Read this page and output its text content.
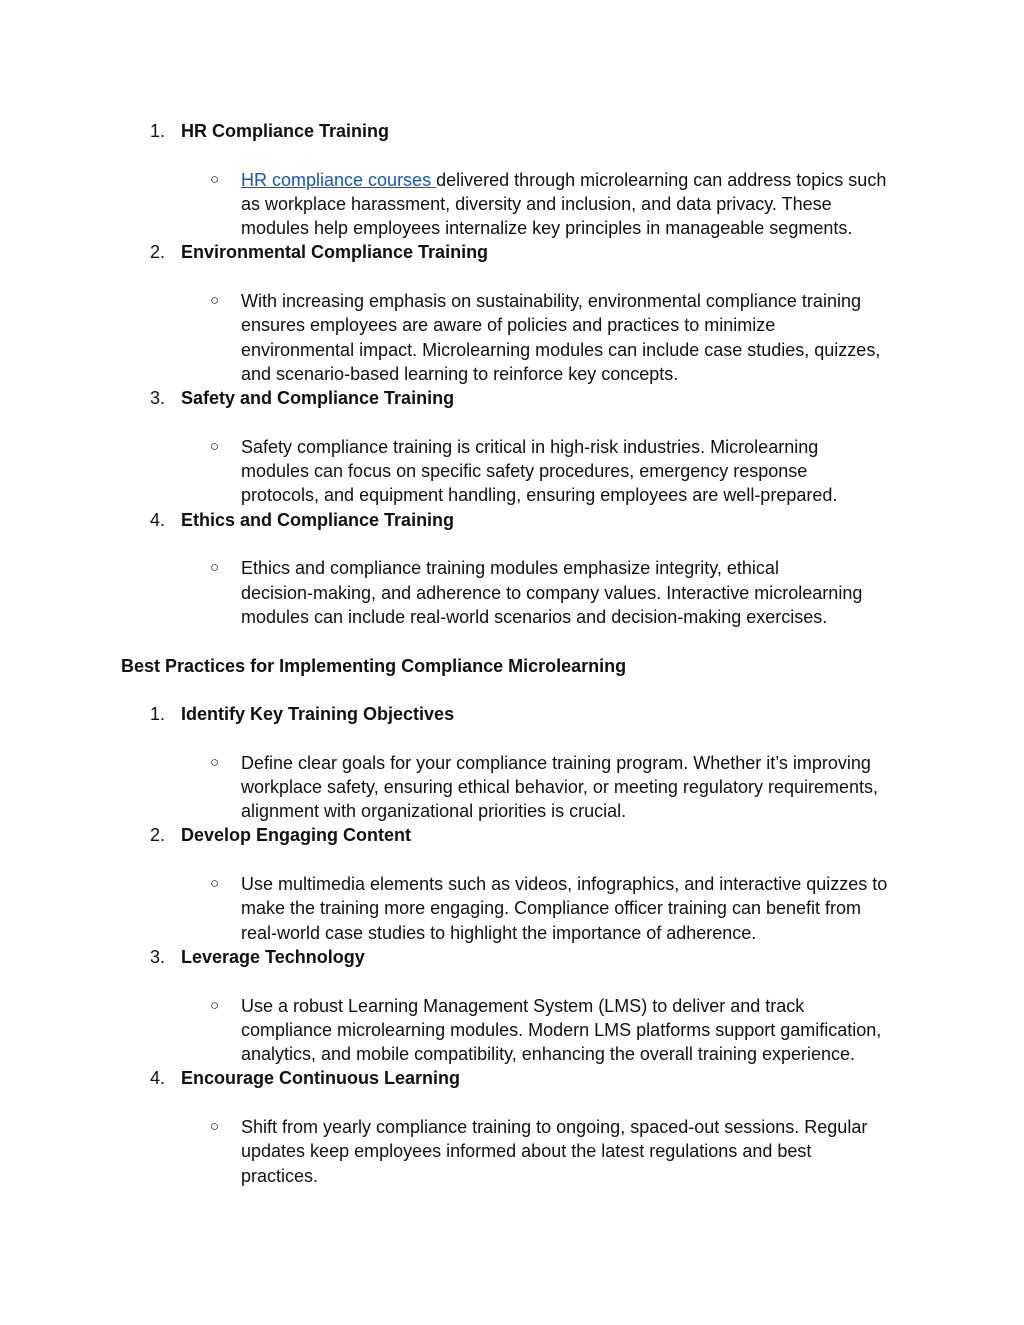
1. HR Compliance Training
○ HR compliance courses delivered through microlearning can address topics such
as workplace harassment, diversity and inclusion, and data privacy. These
modules help employees internalize key principles in manageable segments.
2. Environmental Compliance Training
○ With increasing emphasis on sustainability, environmental compliance training
ensures employees are aware of policies and practices to minimize
environmental impact. Microlearning modules can include case studies, quizzes,
and scenario-based learning to reinforce key concepts.
3. Safety and Compliance Training
○ Safety compliance training is critical in high-risk industries. Microlearning
modules can focus on specific safety procedures, emergency response
protocols, and equipment handling, ensuring employees are well-prepared.
4. Ethics and Compliance Training
○ Ethics and compliance training modules emphasize integrity, ethical
decision-making, and adherence to company values. Interactive microlearning
modules can include real-world scenarios and decision-making exercises.
Best Practices for Implementing Compliance Microlearning
1. Identify Key Training Objectives
○ Define clear goals for your compliance training program. Whether it’s improving
workplace safety, ensuring ethical behavior, or meeting regulatory requirements,
alignment with organizational priorities is crucial.
2. Develop Engaging Content
○ Use multimedia elements such as videos, infographics, and interactive quizzes to
make the training more engaging. Compliance officer training can benefit from
real-world case studies to highlight the importance of adherence.
3. Leverage Technology
○ Use a robust Learning Management System (LMS) to deliver and track
compliance microlearning modules. Modern LMS platforms support gamification,
analytics, and mobile compatibility, enhancing the overall training experience.
4. Encourage Continuous Learning
○ Shift from yearly compliance training to ongoing, spaced-out sessions. Regular
updates keep employees informed about the latest regulations and best
practices.
